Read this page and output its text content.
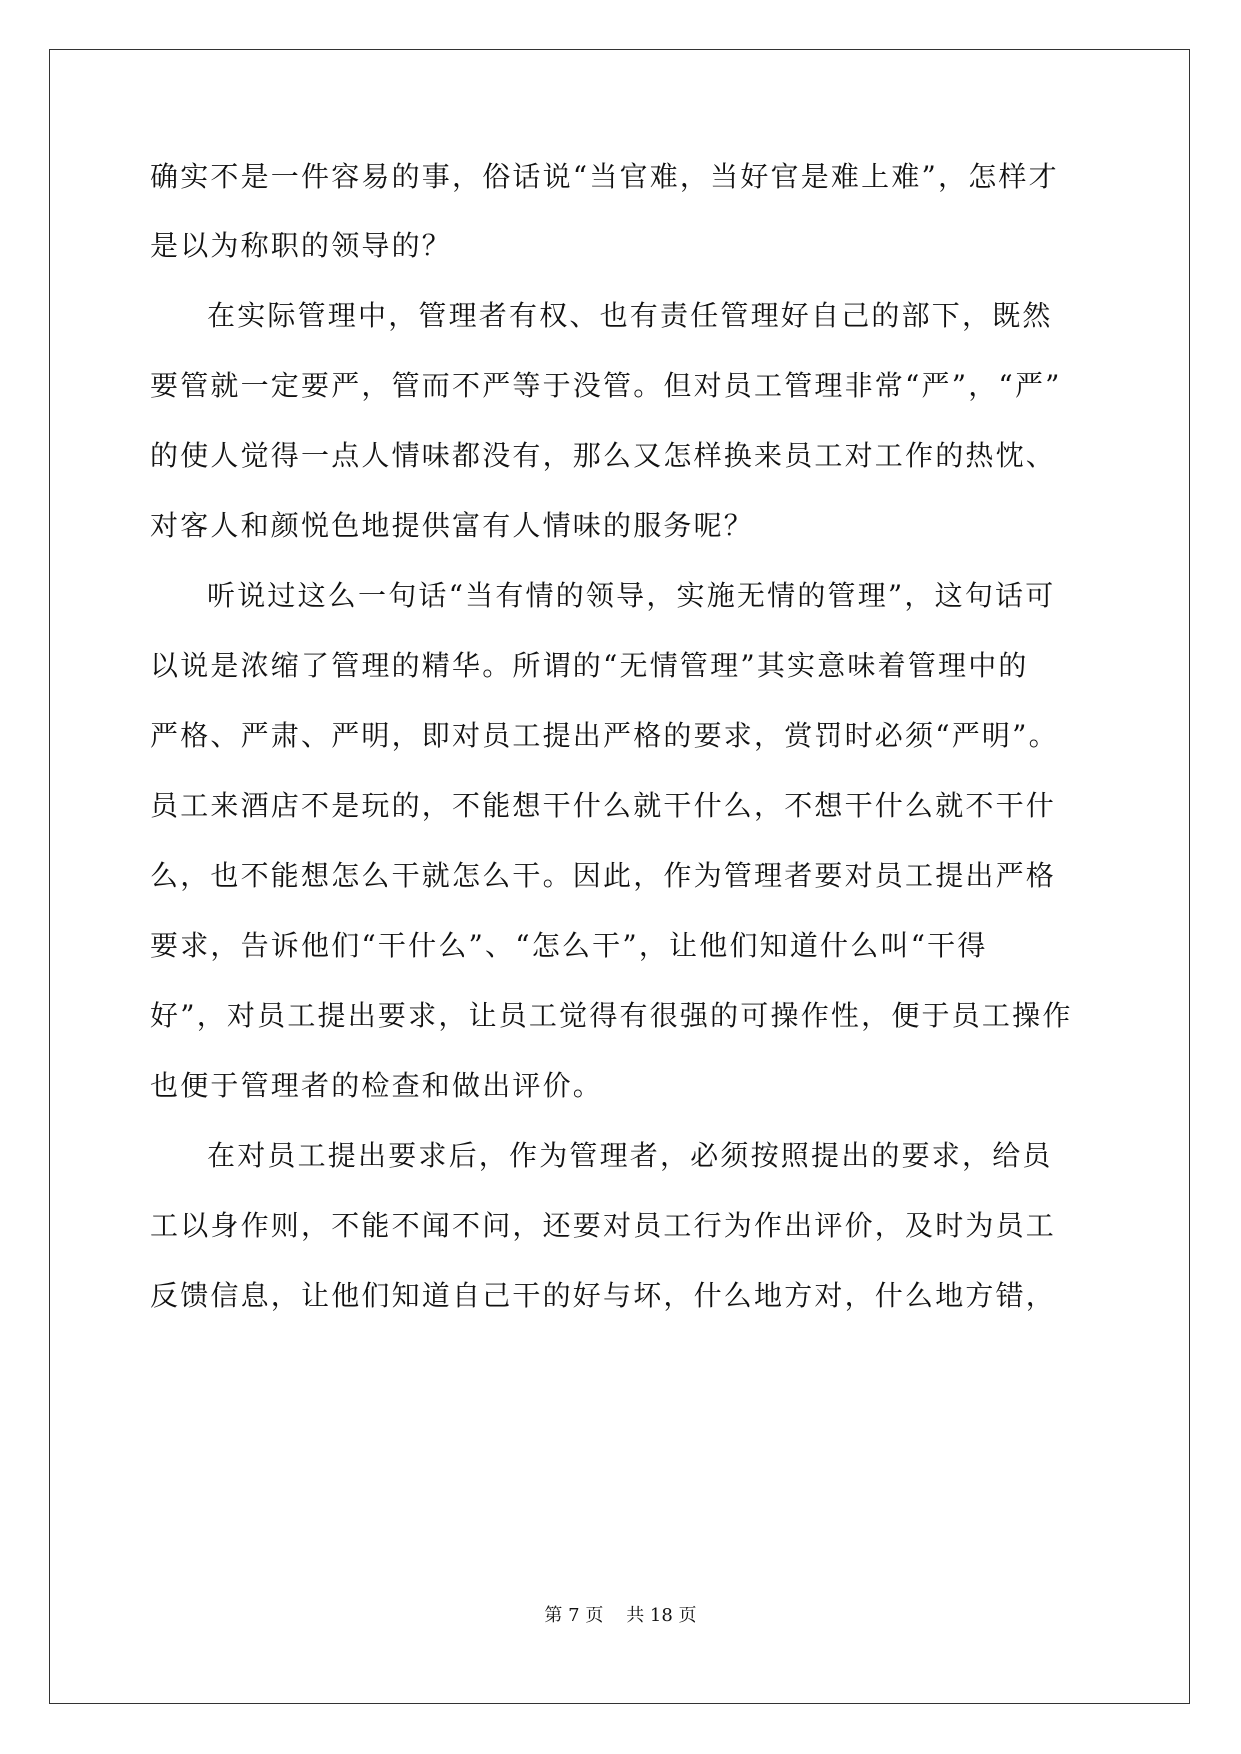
确实不是一件容易的事，俗话说“当官难，当好官是难上难”，怎样才
是以为称职的领导的？
在实际管理中，管理者有权、也有责任管理好自己的部下，既然
要管就一定要严，管而不严等于没管。但对员工管理非常“严”，“严”
的使人觉得一点人情味都没有，那么又怎样换来员工对工作的热忱、
对客人和颜悦色地提供富有人情味的服务呢？
听说过这么一句话“当有情的领导，实施无情的管理”，这句话可
以说是浓缩了管理的精华。所谓的“无情管理”其实意味着管理中的
严格、严肃、严明，即对员工提出严格的要求，赏罚时必须“严明”。
员工来酒店不是玩的，不能想干什么就干什么，不想干什么就不干什
么，也不能想怎么干就怎么干。因此，作为管理者要对员工提出严格
要求，告诉他们“干什么”、“怎么干”，让他们知道什么叫“干得
好”，对员工提出要求，让员工觉得有很强的可操作性，便于员工操作
也便于管理者的检查和做出评价。
在对员工提出要求后，作为管理者，必须按照提出的要求，给员
工以身作则，不能不闻不问，还要对员工行为作出评价，及时为员工
反馈信息，让他们知道自己干的好与坏，什么地方对，什么地方错，
第 7 页    共 18 页
